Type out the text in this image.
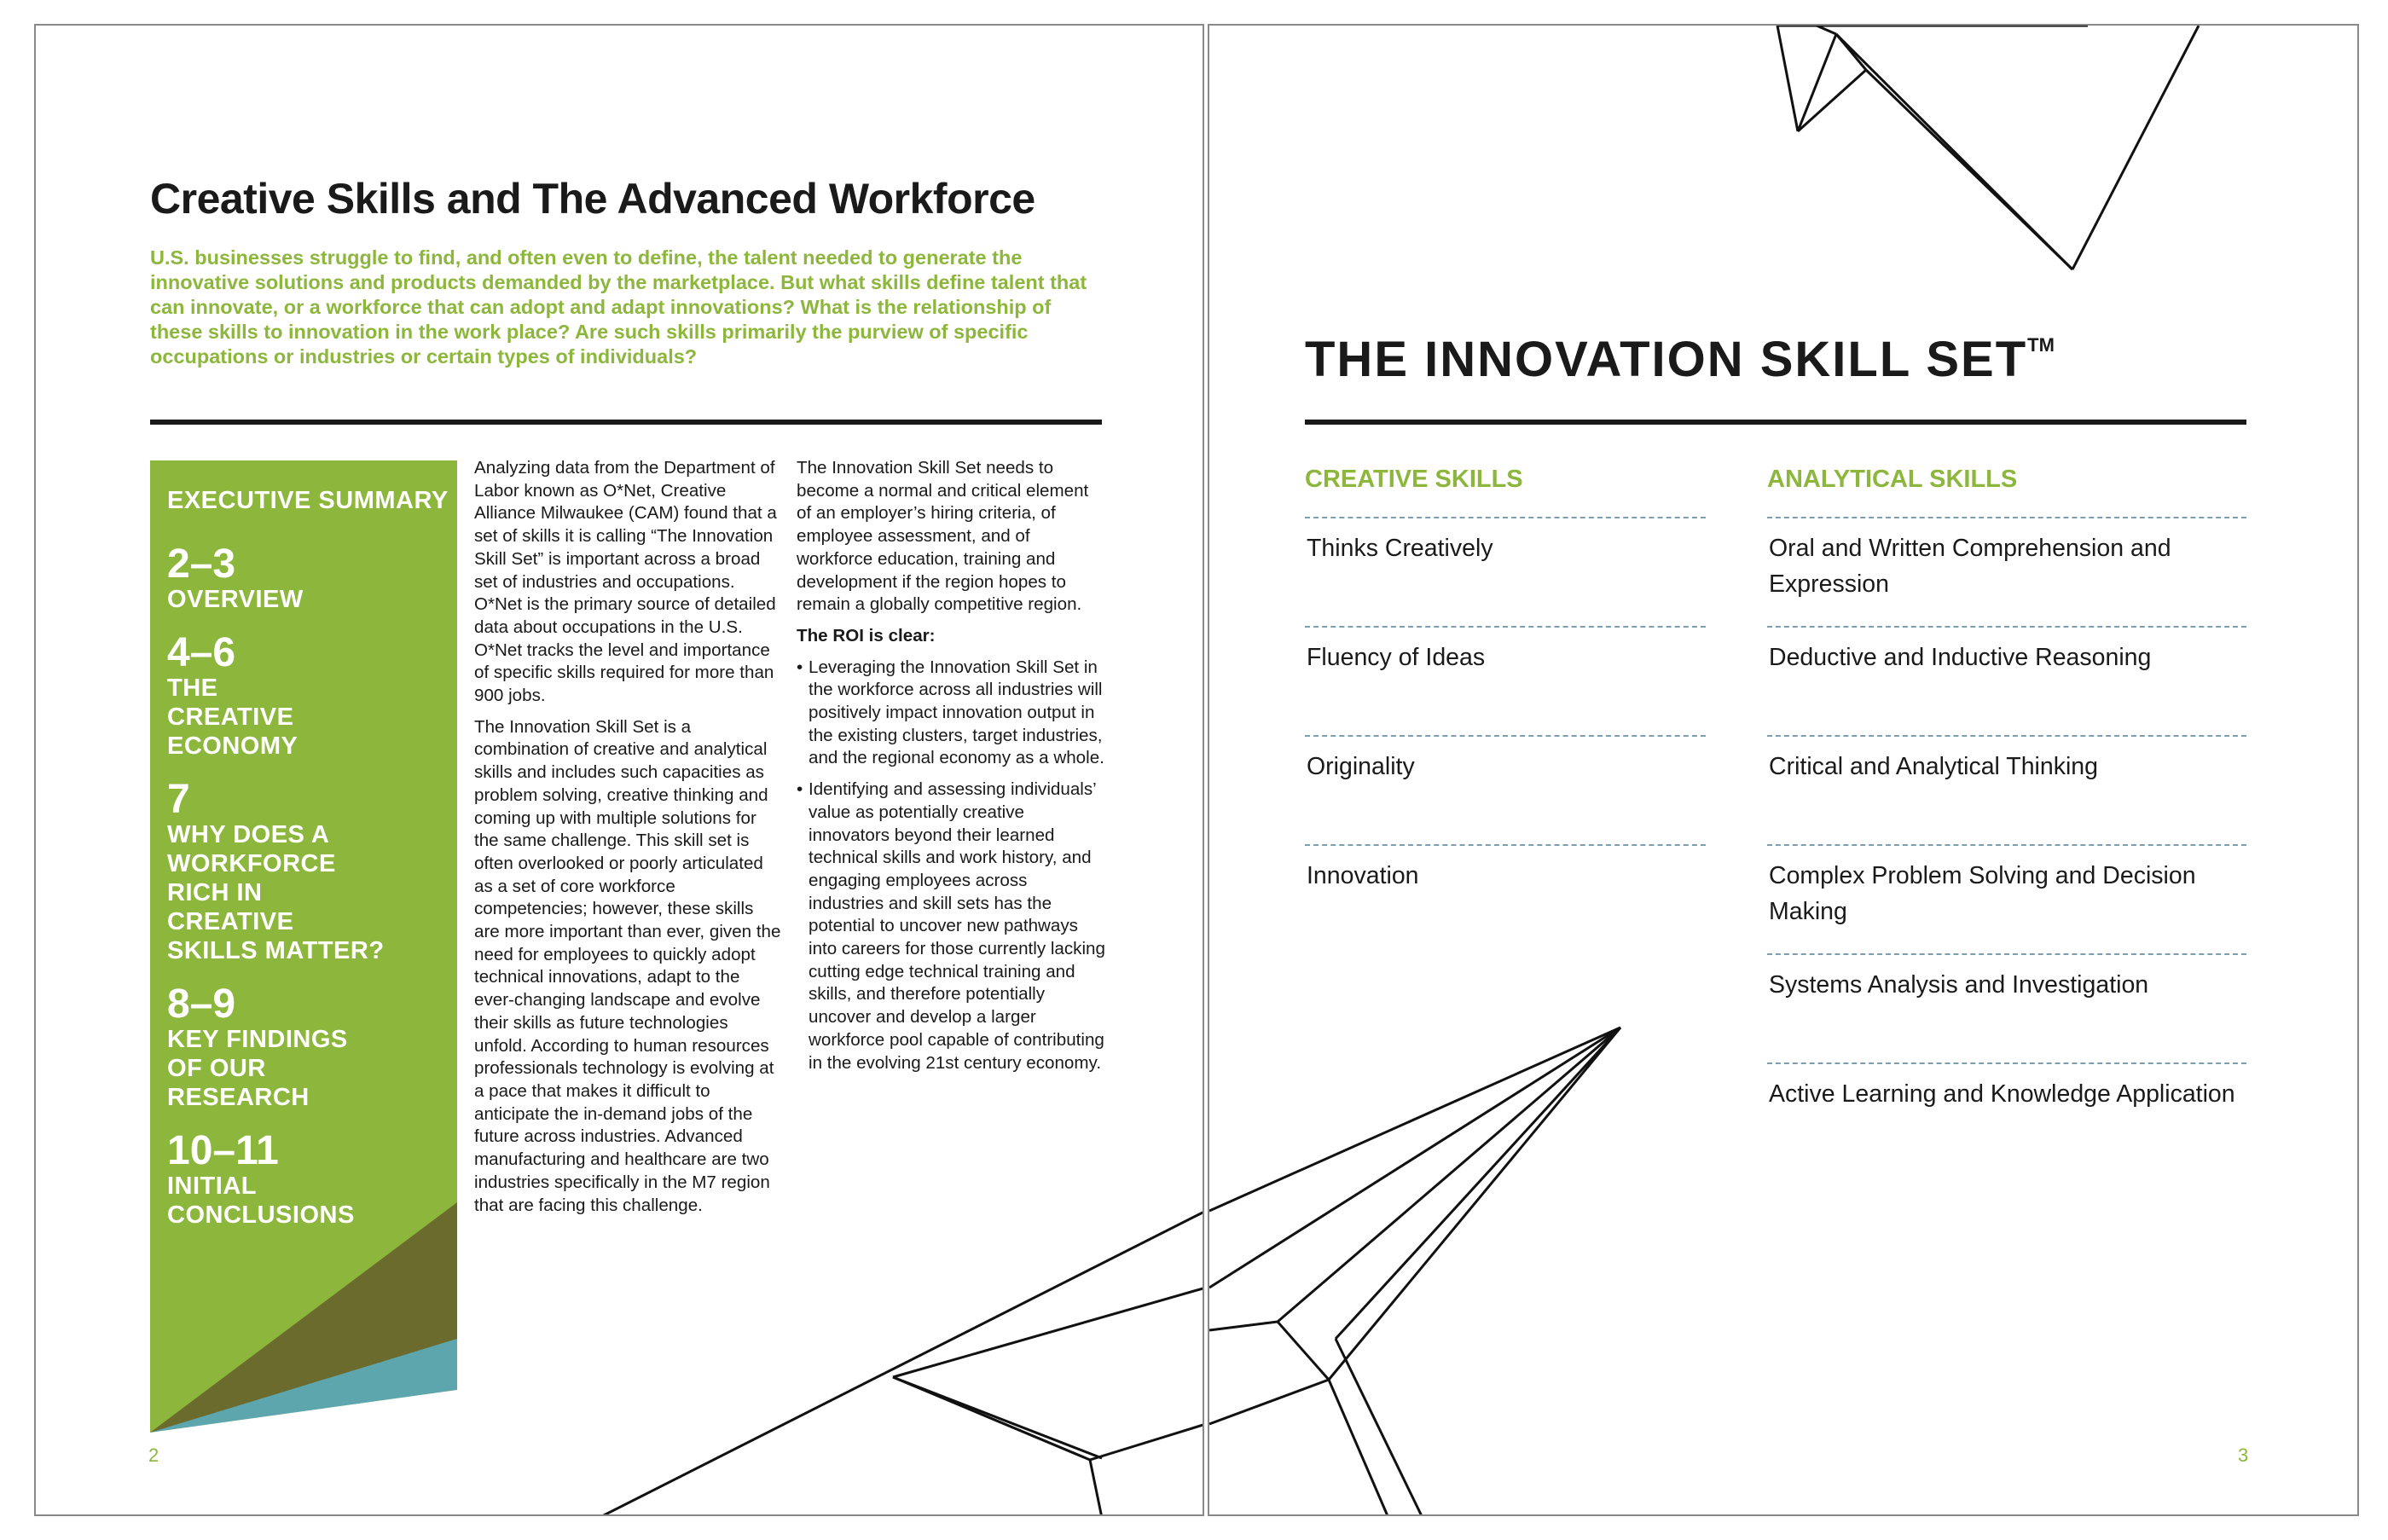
Creative Skills and The Advanced Workforce

U.S. businesses struggle to find, and often even to define, the talent needed to generate the innovative solutions and products demanded by the marketplace. But what skills define talent that can innovate, or a workforce that can adopt and adapt innovations? What is the relationship of these skills to innovation in the work place? Are such skills primarily the purview of specific occupations or industries or certain types of individuals?

EXECUTIVE SUMMARY
2–3
OVERVIEW
4–6
THE CREATIVE ECONOMY
7
WHY DOES A WORKFORCE RICH IN CREATIVE SKILLS MATTER?
8–9
KEY FINDINGS OF OUR RESEARCH
10–11
INITIAL CONCLUSIONS

Analyzing data from the Department of Labor known as O*Net, Creative Alliance Milwaukee (CAM) found that a set of skills it is calling “The Innovation Skill Set” is important across a broad set of industries and occupations. O*Net is the primary source of detailed data about occupations in the U.S. O*Net tracks the level and importance of specific skills required for more than 900 jobs.

The Innovation Skill Set is a combination of creative and analytical skills and includes such capacities as problem solving, creative thinking and coming up with multiple solutions for the same challenge. This skill set is often overlooked or poorly articulated as a set of core workforce competencies; however, these skills are more important than ever, given the need for employees to quickly adopt technical innovations, adapt to the ever-changing landscape and evolve their skills as future technologies unfold. According to human resources professionals technology is evolving at a pace that makes it difficult to anticipate the in-demand jobs of the future across industries. Advanced manufacturing and healthcare are two industries specifically in the M7 region that are facing this challenge.

The Innovation Skill Set needs to become a normal and critical element of an employer’s hiring criteria, of employee assessment, and of workforce education, training and development if the region hopes to remain a globally competitive region.

The ROI is clear:

• Leveraging the Innovation Skill Set in the workforce across all industries will positively impact innovation output in the existing clusters, target industries, and the regional economy as a whole.
• Identifying and assessing individuals’ value as potentially creative innovators beyond their learned technical skills and work history, and engaging employees across industries and skill sets has the potential to uncover new pathways into careers for those currently lacking cutting edge technical training and skills, and therefore potentially uncover and develop a larger workforce pool capable of contributing in the evolving 21st century economy.
2
THE INNOVATION SKILL SET™
CREATIVE SKILLS
Thinks Creatively
Fluency of Ideas
Originality
Innovation
ANALYTICAL SKILLS
Oral and Written Comprehension and Expression
Deductive and Inductive Reasoning
Critical and Analytical Thinking
Complex Problem Solving and Decision Making
Systems Analysis and Investigation
Active Learning and Knowledge Application
3
